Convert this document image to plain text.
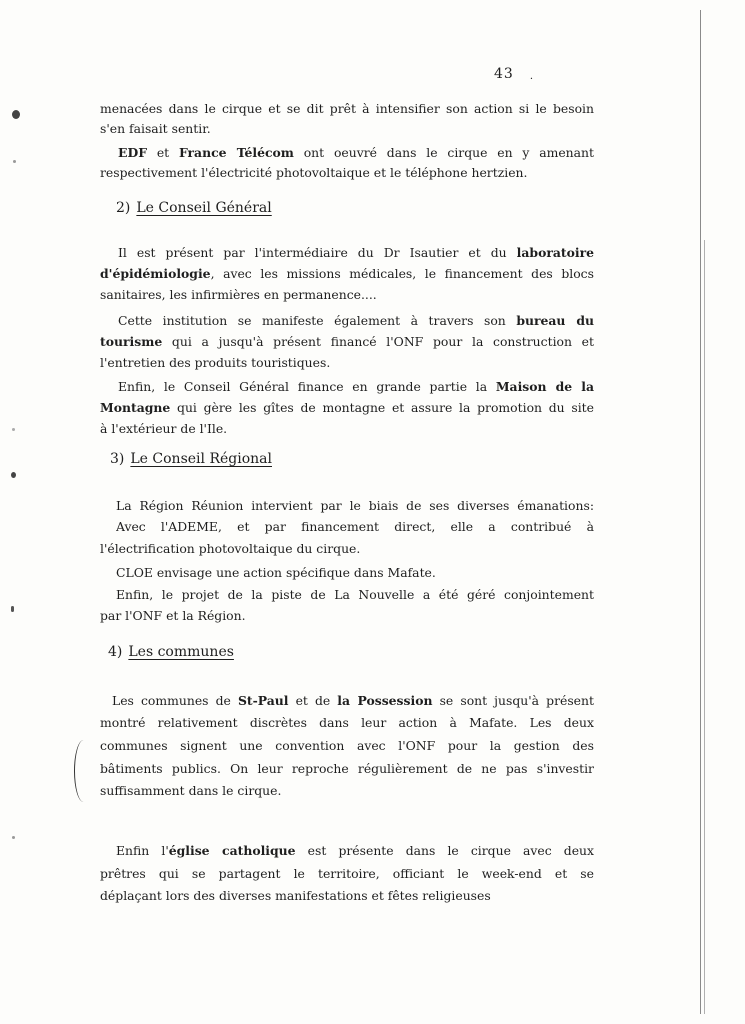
43 ·
menacées dans le cirque et se dit prêt à intensifier son action si le besoin
s'en faisait sentir.
EDF et France Télécom ont oeuvré dans le cirque en y amenant
respectivement l'électricité photovoltaique et le téléphone hertzien.
2) Le Conseil Général
Il est présent par l'intermédiaire du Dr Isautier et du laboratoire
d'épidémiologie, avec les missions médicales, le financement des blocs
sanitaires, les infirmières en permanence....
Cette institution se manifeste également à travers son bureau du
tourisme qui a jusqu'à présent financé l'ONF pour la construction et
l'entretien des produits touristiques.
Enfin, le Conseil Général finance en grande partie la Maison de la
Montagne qui gère les gîtes de montagne et assure la promotion du site
à l'extérieur de l'Ile.
3) Le Conseil Régional
La Région Réunion intervient par le biais de ses diverses émanations:
Avec l'ADEME, et par financement direct, elle a contribué à
l'électrification photovoltaique du cirque.
CLOE envisage une action spécifique dans Mafate.
Enfin, le projet de la piste de La Nouvelle a été géré conjointement
par l'ONF et la Région.
4) Les communes
Les communes de St-Paul et de la Possession se sont jusqu'à présent
montré relativement discrètes dans leur action à Mafate. Les deux
communes signent une convention avec l'ONF pour la gestion des
bâtiments publics. On leur reproche régulièrement de ne pas s'investir
suffisamment dans le cirque.
Enfin l'église catholique est présente dans le cirque avec deux
prêtres qui se partagent le territoire, officiant le week-end et se
déplaçant lors des diverses manifestations et fêtes religieuses
